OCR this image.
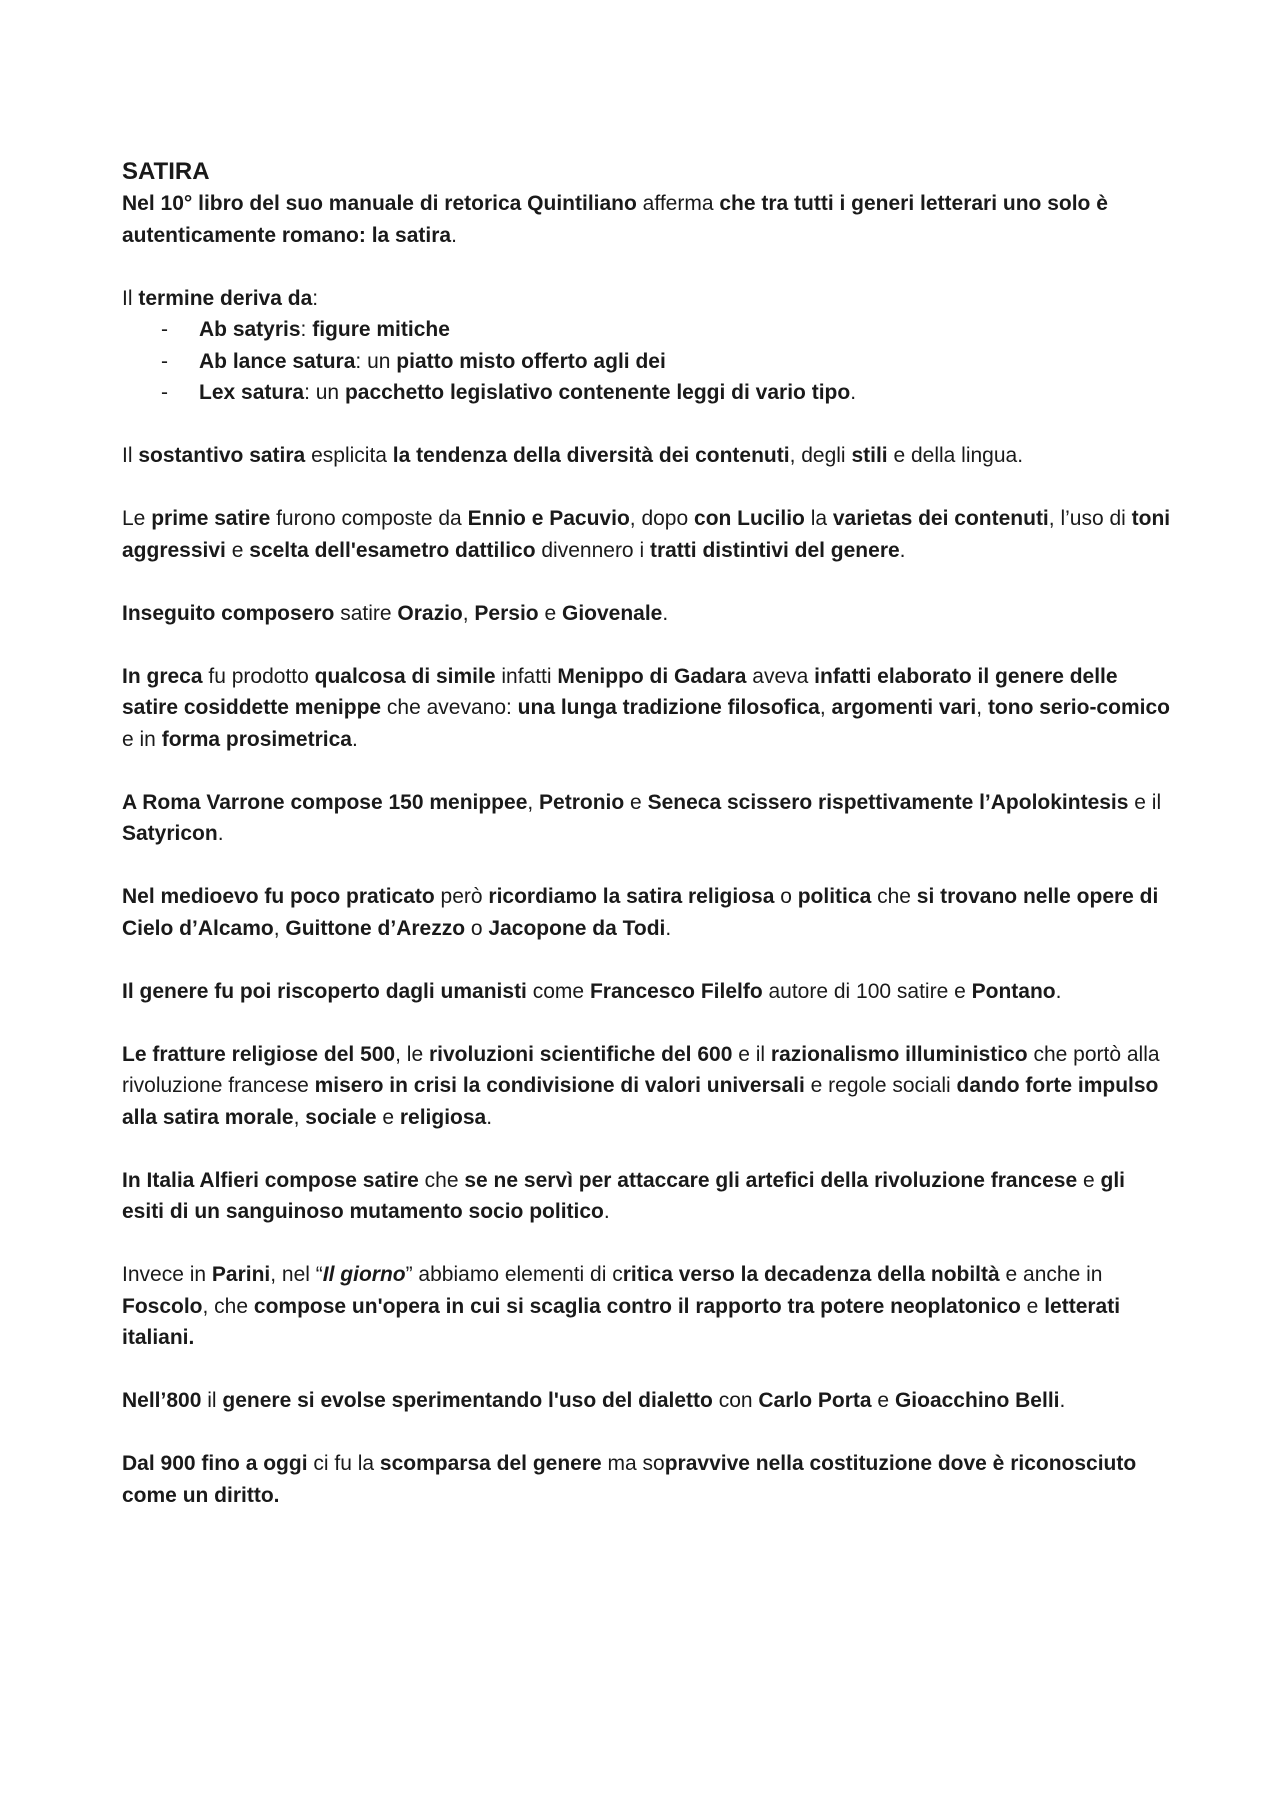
SATIRA

Nel 10° libro del suo manuale di retorica Quintiliano afferma che tra tutti i generi letterari uno solo è autenticamente romano: la satira.

Il termine deriva da:

- Ab satyris: figure mitiche
- Ab lance satura: un piatto misto offerto agli dei
- Lex satura: un pacchetto legislativo contenente leggi di vario tipo.

Il sostantivo satira esplicita la tendenza della diversità dei contenuti, degli stili e della lingua.

Le prime satire furono composte da Ennio e Pacuvio, dopo con Lucilio la varietas dei contenuti, l’uso di toni aggressivi e scelta dell'esametro dattilico divennero i tratti distintivi del genere.

Inseguito composero satire Orazio, Persio e Giovenale.

In greca fu prodotto qualcosa di simile infatti Menippo di Gadara aveva infatti elaborato il genere delle satire cosiddette menippe che avevano: una lunga tradizione filosofica, argomenti vari, tono serio-comico e in forma prosimetrica.

A Roma Varrone compose 150 menippee, Petronio e Seneca scissero rispettivamente l’Apolokintesis e il Satyricon.

Nel medioevo fu poco praticato però ricordiamo la satira religiosa o politica che si trovano nelle opere di Cielo d’Alcamo, Guittone d’Arezzo o Jacopone da Todi.

Il genere fu poi riscoperto dagli umanisti come Francesco Filelfo autore di 100 satire e Pontano.

Le fratture religiose del 500, le rivoluzioni scientifiche del 600 e il razionalismo illuministico che portò alla rivoluzione francese misero in crisi la condivisione di valori universali e regole sociali dando forte impulso alla satira morale, sociale e religiosa.

In Italia Alfieri compose satire che se ne servì per attaccare gli artefici della rivoluzione francese e gli esiti di un sanguinoso mutamento socio politico.

Invece in Parini, nel “Il giorno” abbiamo elementi di critica verso la decadenza della nobiltà e anche in Foscolo, che compose un'opera in cui si scaglia contro il rapporto tra potere neoplatonico e letterati italiani.

Nell’800 il genere si evolse sperimentando l'uso del dialetto con Carlo Porta e Gioacchino Belli.

Dal 900 fino a oggi ci fu la scomparsa del genere ma sopravvive nella costituzione dove è riconosciuto come un diritto.
